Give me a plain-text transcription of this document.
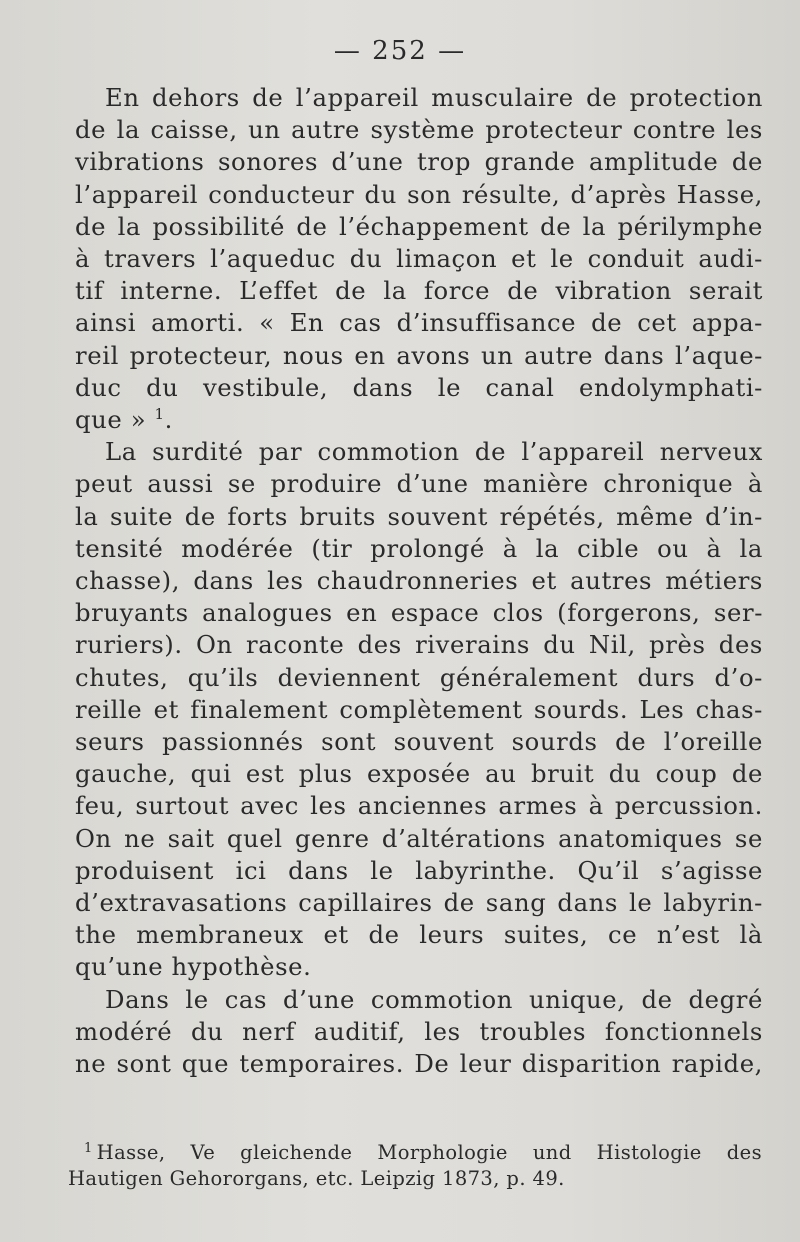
— 252 —
En dehors de l’appareil musculaire de protection
de la caisse, un autre système protecteur contre les
vibrations sonores d’une trop grande amplitude de
l’appareil conducteur du son résulte, d’après Hasse,
de la possibilité de l’échappement de la périlymphe
à travers l’aqueduc du limaçon et le conduit audi-
tif interne. L’effet de la force de vibration serait
ainsi amorti. « En cas d’insuffisance de cet appa-
reil protecteur, nous en avons un autre dans l’aque-
duc du vestibule, dans le canal endolymphati-
que » $^1$.
La surdité par commotion de l’appareil nerveux
peut aussi se produire d’une manière chronique à
la suite de forts bruits souvent répétés, même d’in-
tensité modérée (tir prolongé à la cible ou à la
chasse), dans les chaudronneries et autres métiers
bruyants analogues en espace clos (forgerons, ser-
ruriers). On raconte des riverains du Nil, près des
chutes, qu’ils deviennent généralement durs d’o-
reille et finalement complètement sourds. Les chas-
seurs passionnés sont souvent sourds de l’oreille
gauche, qui est plus exposée au bruit du coup de
feu, surtout avec les anciennes armes à percussion.
On ne sait quel genre d’altérations anatomiques se
produisent ici dans le labyrinthe. Qu’il s’agisse
d’extravasations capillaires de sang dans le labyrin-
the membraneux et de leurs suites, ce n’est là
qu’une hypothèse.
Dans le cas d’une commotion unique, de degré
modéré du nerf auditif, les troubles fonctionnels
ne sont que temporaires. De leur disparition rapide,
$^1$ Hasse, Ve gleichende Morphologie und Histologie des
Hautigen Gehororgans, etc. Leipzig 1873, p. 49.
